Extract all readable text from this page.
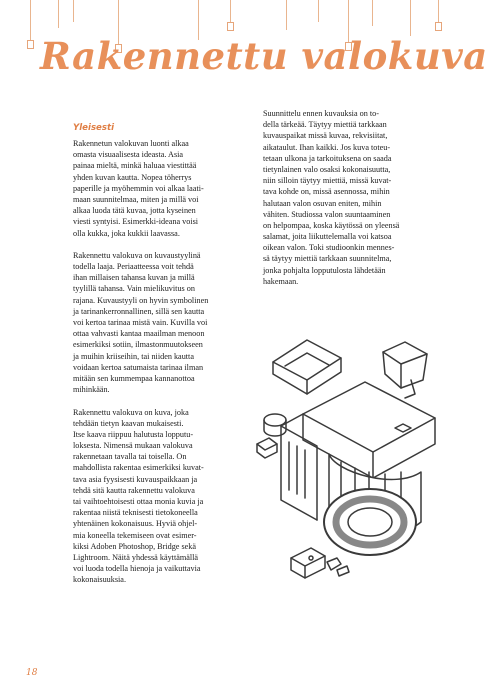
Rakennettu valokuva
Yleisesti
Rakennetun valokuvan luonti alkaa
omasta visuaalisesta ideasta. Asia
painaa mieltä, minkä haluaa viestittää
yhden kuvan kautta. Nopea töherrys
paperille ja myöhemmin voi alkaa laati-
maan suunnitelmaa, miten ja millä voi
alkaa luoda tätä kuvaa, jotta kyseinen
viesti syntyisi. Esimerkki-ideana voisi
olla kukka, joka kukkii laavassa.
Rakennettu valokuva on kuvaustyylinä
todella laaja. Periaatteessa voit tehdä
ihan millaisen tahansa kuvan ja millä
tyylillä tahansa. Vain mielikuvitus on
rajana. Kuvaustyyli on hyvin symbolinen
ja tarinankerronnallinen, sillä sen kautta
voi kertoa tarinaa mistä vain. Kuvilla voi
ottaa vahvasti kantaa maailman menoon
esimerkiksi sotiin, ilmastonmuutokseen
ja muihin kriiseihin, tai niiden kautta
voidaan kertoa satumaista tarinaa ilman
mitään sen kummempaa kannanottoa
mihinkään.
Rakennettu valokuva on kuva, joka
tehdään tietyn kaavan mukaisesti.
Itse kaava riippuu halutusta lopputu-
loksesta. Nimensä mukaan valokuva
rakennetaan tavalla tai toisella. On
mahdollista rakentaa esimerkiksi kuvat-
tava asia fyysisesti kuvauspaikkaan ja
tehdä sitä kautta rakennettu valokuva
tai vaihtoehtoisesti ottaa monia kuvia ja
rakentaa niistä teknisesti tietokoneella
yhtenäinen kokonaisuus. Hyviä ohjel-
mia koneella tekemiseen ovat esimer-
kiksi Adoben Photoshop, Bridge sekä
Lightroom. Näitä yhdessä käyttämällä
voi luoda todella hienoja ja vaikuttavia
kokonaisuuksia.
Suunnittelu ennen kuvauksia on to-
della tärkeää. Täytyy miettiä tarkkaan
kuvauspaikat missä kuvaa, rekvisiitat,
aikataulut. Ihan kaikki. Jos kuva toteu-
tetaan ulkona ja tarkoituksena on saada
tietynlainen valo osaksi kokonaisuutta,
niin silloin täytyy miettiä, missä kuvat-
tava kohde on, missä asennossa, mihin
halutaan valon osuvan eniten, mihin
vähiten. Studiossa valon suuntaaminen
on helpompaa, koska käytössä on yleensä
salamat, joita liikuttelemalla voi katsoa
oikean valon. Toki studioonkin mennes-
sä täytyy miettiä tarkkaan suunnitelma,
jonka pohjalta lopputulosta lähdetään
hakemaan.
18
